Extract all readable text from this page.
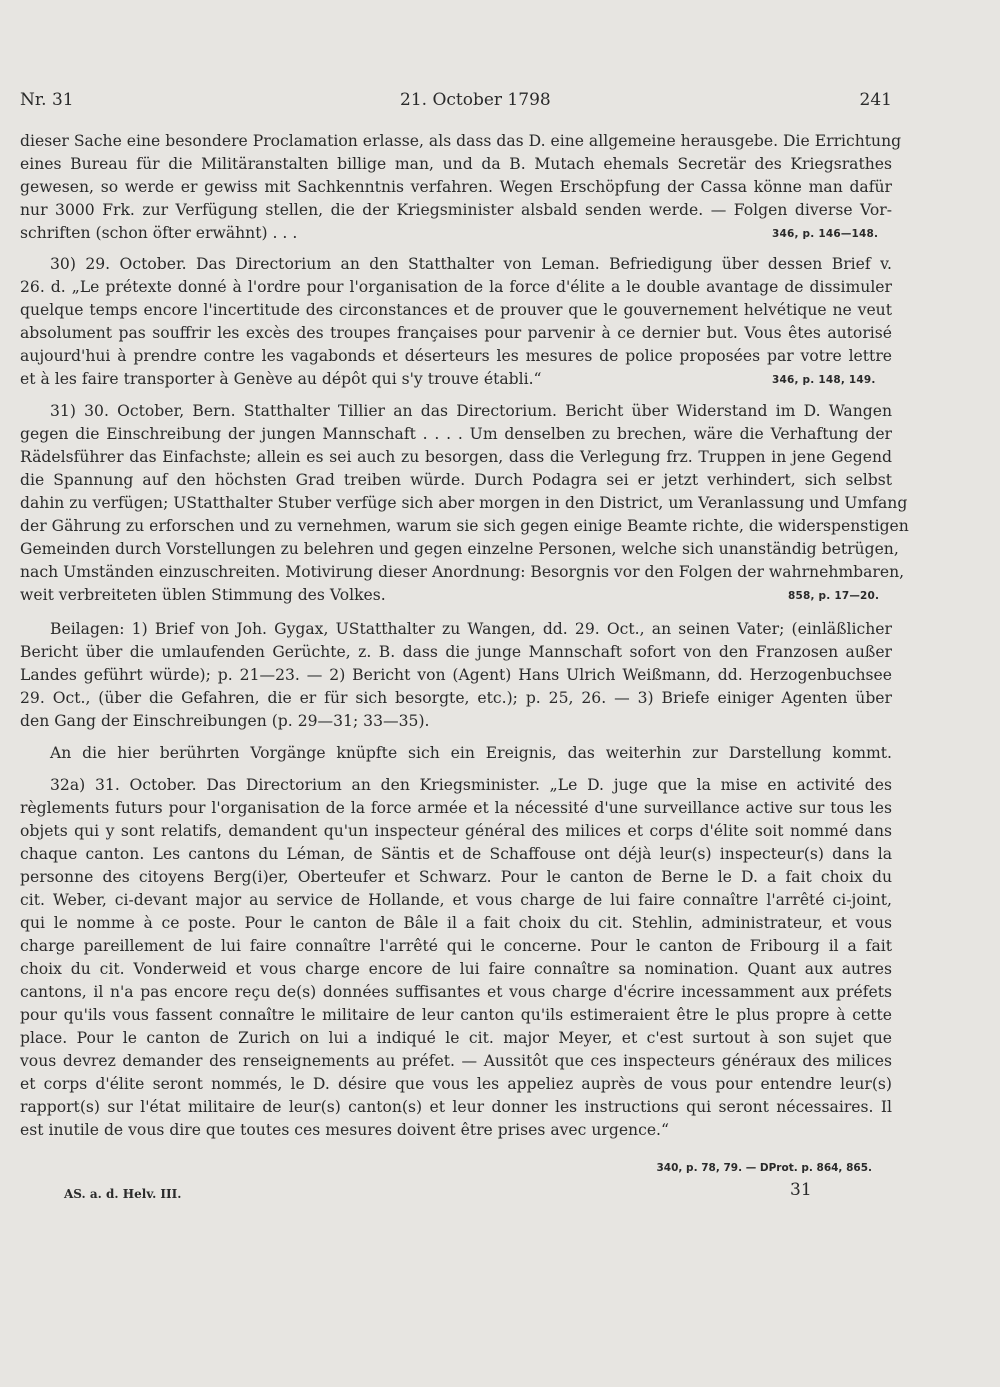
Nr. 31	21. October 1798	241
dieser Sache eine besondere Proclamation erlasse, als dass das D. eine allgemeine herausgebe. Die Errichtung
eines Bureau für die Militäranstalten billige man, und da B. Mutach ehemals Secretär des Kriegsrathes
gewesen, so werde er gewiss mit Sachkenntnis verfahren. Wegen Erschöpfung der Cassa könne man dafür
nur 3000 Frk. zur Verfügung stellen, die der Kriegsminister alsbald senden werde. — Folgen diverse Vor-
schriften (schon öfter erwähnt) . . .	346, p. 146—148.
30) 29. October. Das Directorium an den Statthalter von Leman. Befriedigung über dessen Brief v.
26. d. „Le prétexte donné à l'ordre pour l'organisation de la force d'élite a le double avantage de dissimuler
quelque temps encore l'incertitude des circonstances et de prouver que le gouvernement helvétique ne veut
absolument pas souffrir les excès des troupes françaises pour parvenir à ce dernier but. Vous êtes autorisé
aujourd'hui à prendre contre les vagabonds et déserteurs les mesures de police proposées par votre lettre
et à les faire transporter à Genève au dépôt qui s'y trouve établi.“	346, p. 148, 149.
31) 30. October, Bern. Statthalter Tillier an das Directorium. Bericht über Widerstand im D. Wangen
gegen die Einschreibung der jungen Mannschaft . . . . Um denselben zu brechen, wäre die Verhaftung der
Rädelsführer das Einfachste; allein es sei auch zu besorgen, dass die Verlegung frz. Truppen in jene Gegend
die Spannung auf den höchsten Grad treiben würde. Durch Podagra sei er jetzt verhindert, sich selbst
dahin zu verfügen; UStatthalter Stuber verfüge sich aber morgen in den District, um Veranlassung und Umfang
der Gährung zu erforschen und zu vernehmen, warum sie sich gegen einige Beamte richte, die widerspenstigen
Gemeinden durch Vorstellungen zu belehren und gegen einzelne Personen, welche sich unanständig betrügen,
nach Umständen einzuschreiten. Motivirung dieser Anordnung: Besorgnis vor den Folgen der wahrnehmbaren,
weit verbreiteten üblen Stimmung des Volkes.	858, p. 17—20.
Beilagen: 1) Brief von Joh. Gygax, UStatthalter zu Wangen, dd. 29. Oct., an seinen Vater; (einläßlicher
Bericht über die umlaufenden Gerüchte, z. B. dass die junge Mannschaft sofort von den Franzosen außer
Landes geführt würde); p. 21—23. — 2) Bericht von (Agent) Hans Ulrich Weißmann, dd. Herzogenbuchsee
29. Oct., (über die Gefahren, die er für sich besorgte, etc.); p. 25, 26. — 3) Briefe einiger Agenten über
den Gang der Einschreibungen (p. 29—31; 33—35).
An die hier berührten Vorgänge knüpfte sich ein Ereignis, das weiterhin zur Darstellung kommt.
32a) 31. October. Das Directorium an den Kriegsminister. „Le D. juge que la mise en activité des
règlements futurs pour l'organisation de la force armée et la nécessité d'une surveillance active sur tous les
objets qui y sont relatifs, demandent qu'un inspecteur général des milices et corps d'élite soit nommé dans
chaque canton. Les cantons du Léman, de Säntis et de Schaffouse ont déjà leur(s) inspecteur(s) dans la
personne des citoyens Berg(i)er, Oberteufer et Schwarz. Pour le canton de Berne le D. a fait choix du
cit. Weber, ci-devant major au service de Hollande, et vous charge de lui faire connaître l'arrêté ci-joint,
qui le nomme à ce poste. Pour le canton de Bâle il a fait choix du cit. Stehlin, administrateur, et vous
charge pareillement de lui faire connaître l'arrêté qui le concerne. Pour le canton de Fribourg il a fait
choix du cit. Vonderweid et vous charge encore de lui faire connaître sa nomination. Quant aux autres
cantons, il n'a pas encore reçu de(s) données suffisantes et vous charge d'écrire incessamment aux préfets
pour qu'ils vous fassent connaître le militaire de leur canton qu'ils estimeraient être le plus propre à cette
place. Pour le canton de Zurich on lui a indiqué le cit. major Meyer, et c'est surtout à son sujet que
vous devrez demander des renseignements au préfet. — Aussitôt que ces inspecteurs généraux des milices
et corps d'élite seront nommés, le D. désire que vous les appeliez auprès de vous pour entendre leur(s)
rapport(s) sur l'état militaire de leur(s) canton(s) et leur donner les instructions qui seront nécessaires. Il
est inutile de vous dire que toutes ces mesures doivent être prises avec urgence.“
340, p. 78, 79. — DProt. p. 864, 865.
AS. a. d. Helv. III.	31
